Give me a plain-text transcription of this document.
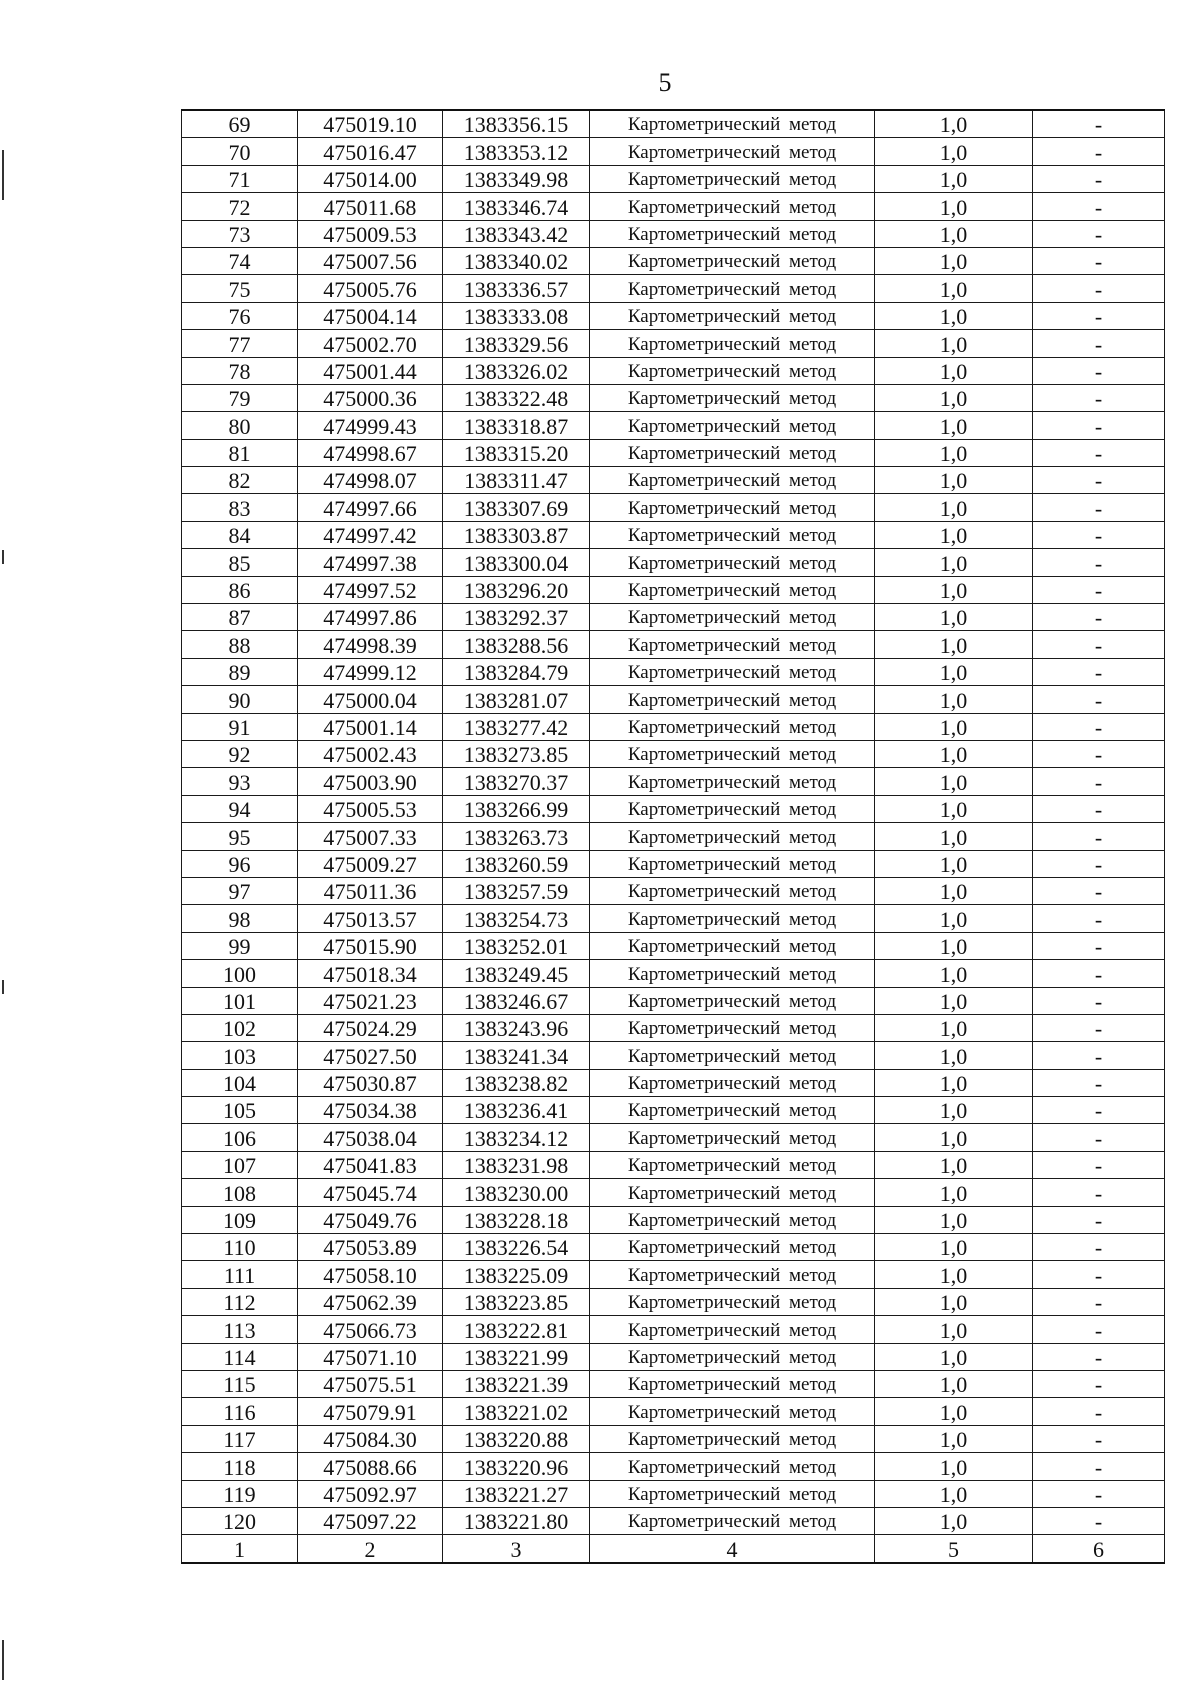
5
69	475019.10	1383356.15	Картометрический метод	1,0	-
70	475016.47	1383353.12	Картометрический метод	1,0	-
71	475014.00	1383349.98	Картометрический метод	1,0	-
72	475011.68	1383346.74	Картометрический метод	1,0	-
73	475009.53	1383343.42	Картометрический метод	1,0	-
74	475007.56	1383340.02	Картометрический метод	1,0	-
75	475005.76	1383336.57	Картометрический метод	1,0	-
76	475004.14	1383333.08	Картометрический метод	1,0	-
77	475002.70	1383329.56	Картометрический метод	1,0	-
78	475001.44	1383326.02	Картометрический метод	1,0	-
79	475000.36	1383322.48	Картометрический метод	1,0	-
80	474999.43	1383318.87	Картометрический метод	1,0	-
81	474998.67	1383315.20	Картометрический метод	1,0	-
82	474998.07	1383311.47	Картометрический метод	1,0	-
83	474997.66	1383307.69	Картометрический метод	1,0	-
84	474997.42	1383303.87	Картометрический метод	1,0	-
85	474997.38	1383300.04	Картометрический метод	1,0	-
86	474997.52	1383296.20	Картометрический метод	1,0	-
87	474997.86	1383292.37	Картометрический метод	1,0	-
88	474998.39	1383288.56	Картометрический метод	1,0	-
89	474999.12	1383284.79	Картометрический метод	1,0	-
90	475000.04	1383281.07	Картометрический метод	1,0	-
91	475001.14	1383277.42	Картометрический метод	1,0	-
92	475002.43	1383273.85	Картометрический метод	1,0	-
93	475003.90	1383270.37	Картометрический метод	1,0	-
94	475005.53	1383266.99	Картометрический метод	1,0	-
95	475007.33	1383263.73	Картометрический метод	1,0	-
96	475009.27	1383260.59	Картометрический метод	1,0	-
97	475011.36	1383257.59	Картометрический метод	1,0	-
98	475013.57	1383254.73	Картометрический метод	1,0	-
99	475015.90	1383252.01	Картометрический метод	1,0	-
100	475018.34	1383249.45	Картометрический метод	1,0	-
101	475021.23	1383246.67	Картометрический метод	1,0	-
102	475024.29	1383243.96	Картометрический метод	1,0	-
103	475027.50	1383241.34	Картометрический метод	1,0	-
104	475030.87	1383238.82	Картометрический метод	1,0	-
105	475034.38	1383236.41	Картометрический метод	1,0	-
106	475038.04	1383234.12	Картометрический метод	1,0	-
107	475041.83	1383231.98	Картометрический метод	1,0	-
108	475045.74	1383230.00	Картометрический метод	1,0	-
109	475049.76	1383228.18	Картометрический метод	1,0	-
110	475053.89	1383226.54	Картометрический метод	1,0	-
111	475058.10	1383225.09	Картометрический метод	1,0	-
112	475062.39	1383223.85	Картометрический метод	1,0	-
113	475066.73	1383222.81	Картометрический метод	1,0	-
114	475071.10	1383221.99	Картометрический метод	1,0	-
115	475075.51	1383221.39	Картометрический метод	1,0	-
116	475079.91	1383221.02	Картометрический метод	1,0	-
117	475084.30	1383220.88	Картометрический метод	1,0	-
118	475088.66	1383220.96	Картометрический метод	1,0	-
119	475092.97	1383221.27	Картометрический метод	1,0	-
120	475097.22	1383221.80	Картометрический метод	1,0	-
1	2	3	4	5	6
